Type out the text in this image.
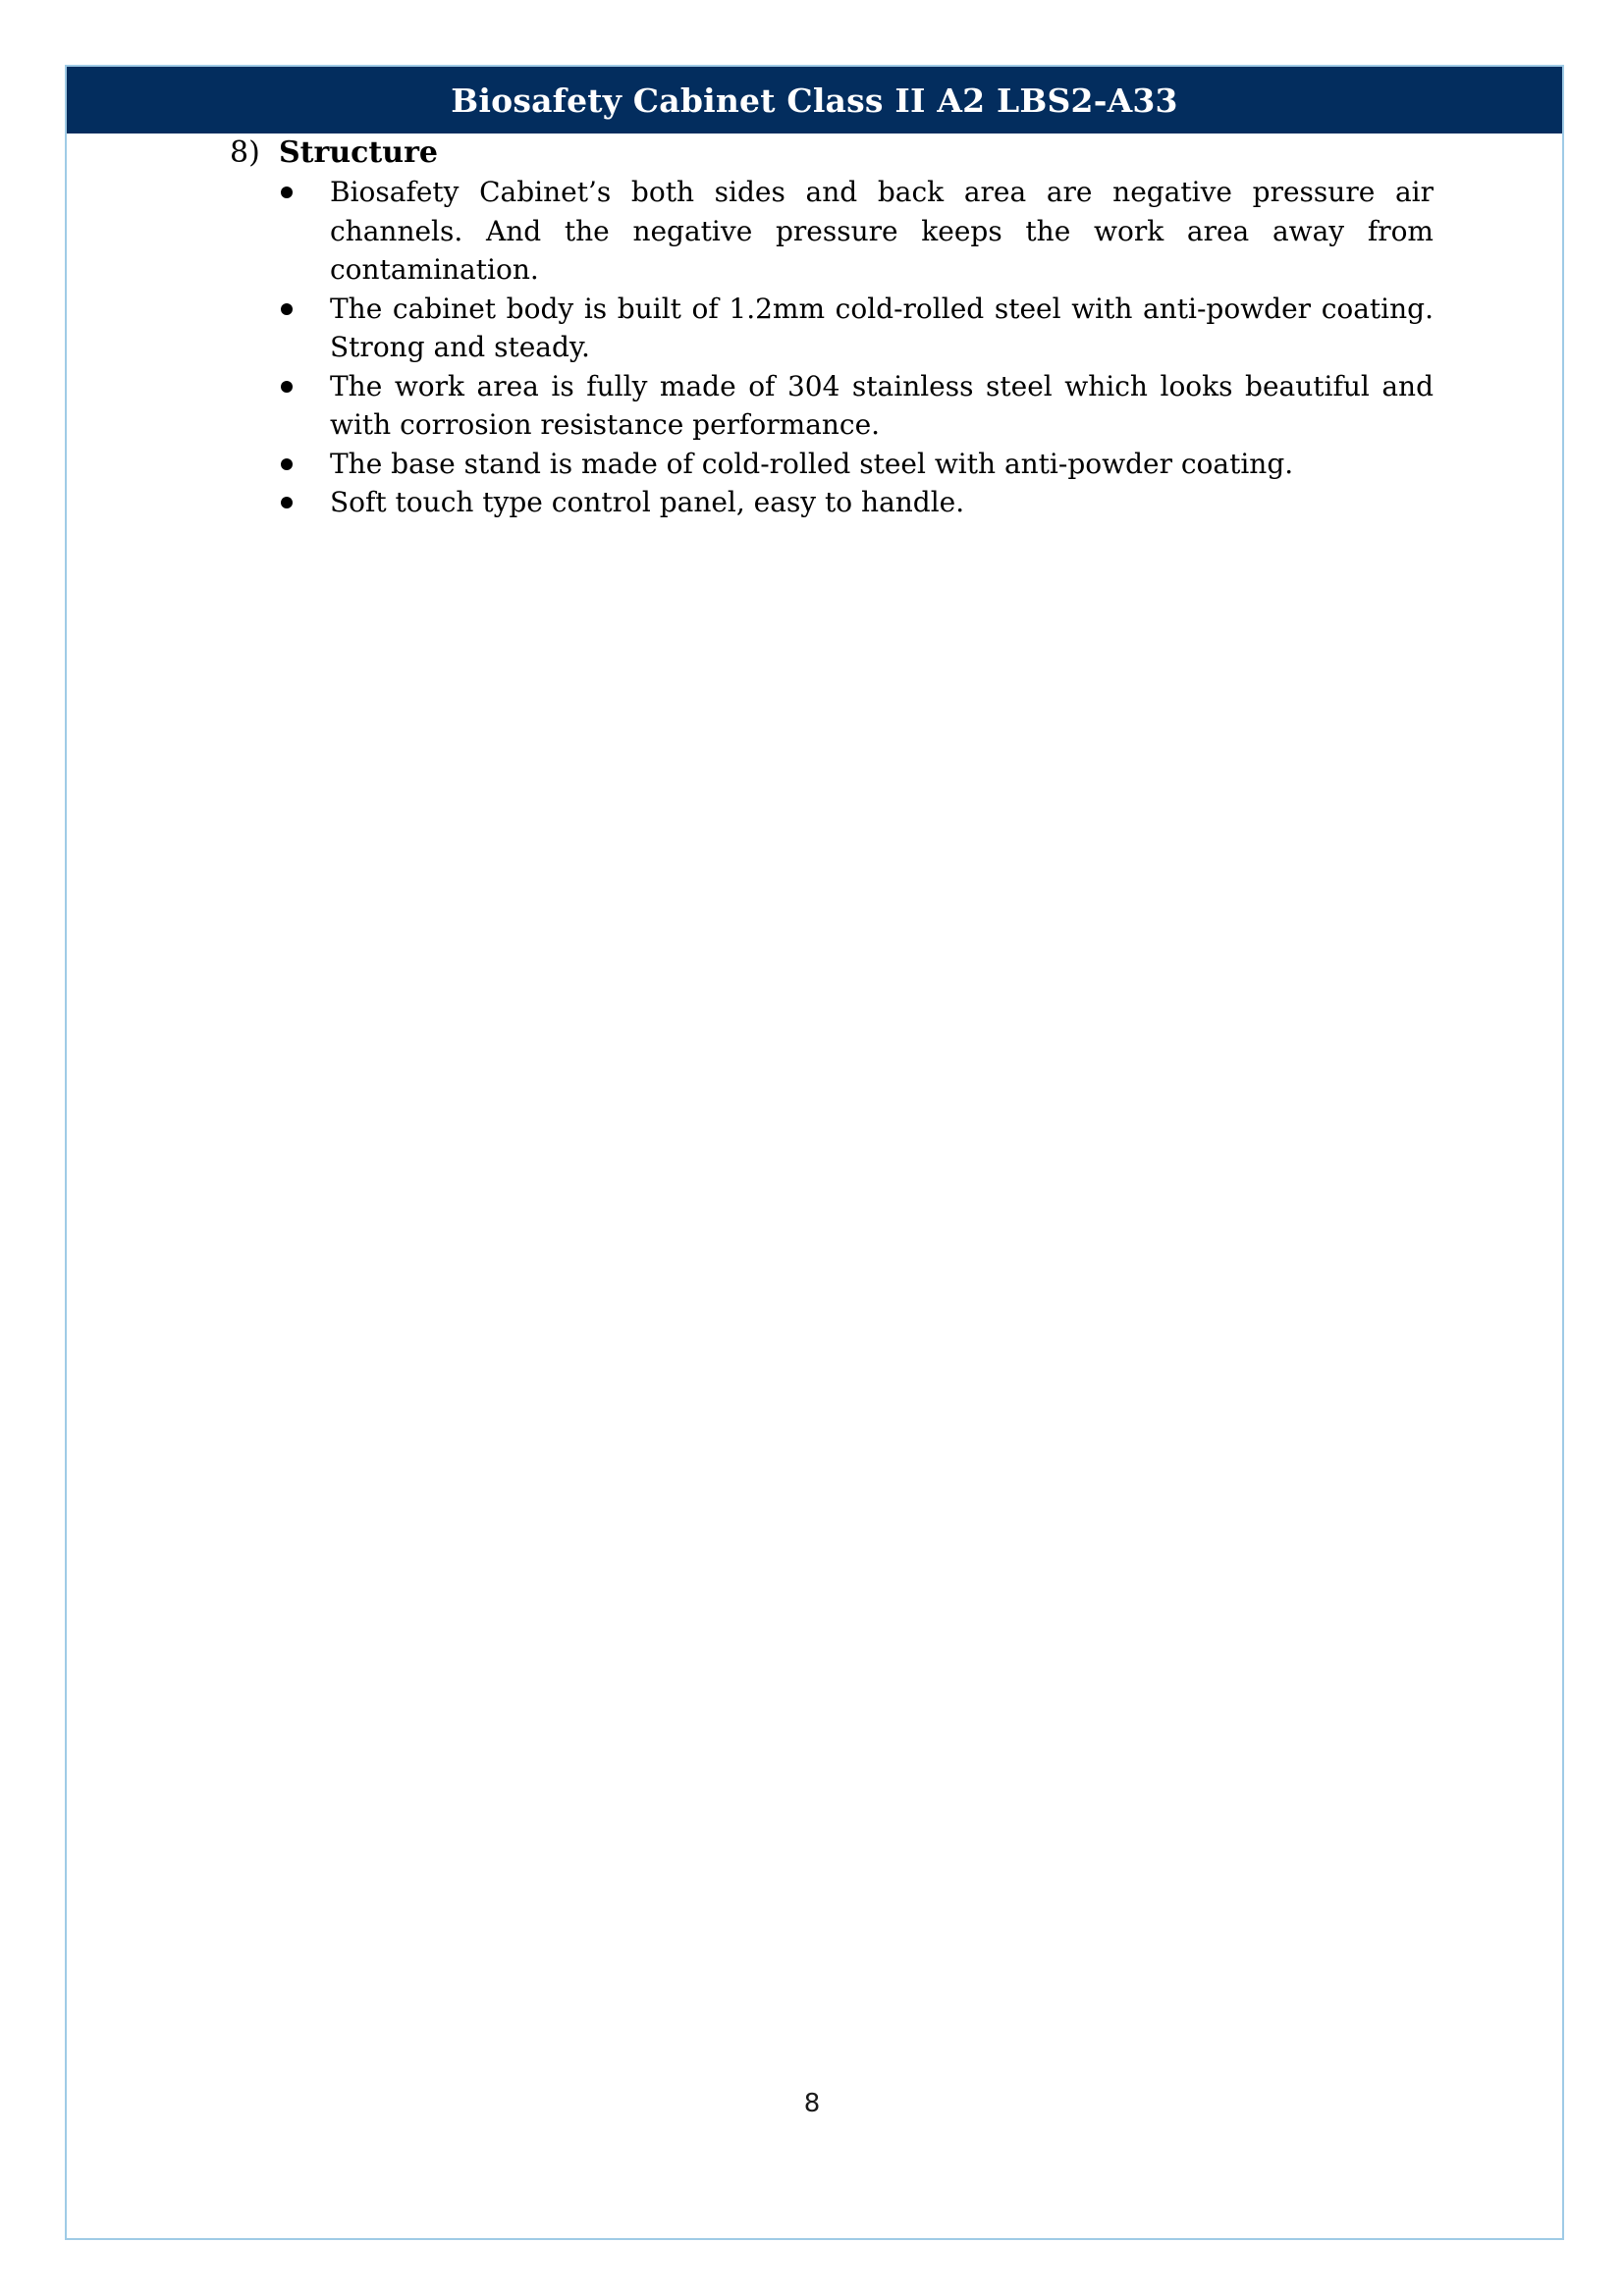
Biosafety Cabinet Class II A2 LBS2-A33
8) Structure
Biosafety Cabinet’s both sides and back area are negative pressure air channels. And the negative pressure keeps the work area away from contamination.
The cabinet body is built of 1.2mm cold-rolled steel with anti-powder coating. Strong and steady.
The work area is fully made of 304 stainless steel which looks beautiful and with corrosion resistance performance.
The base stand is made of cold-rolled steel with anti-powder coating.
Soft touch type control panel, easy to handle.
8
